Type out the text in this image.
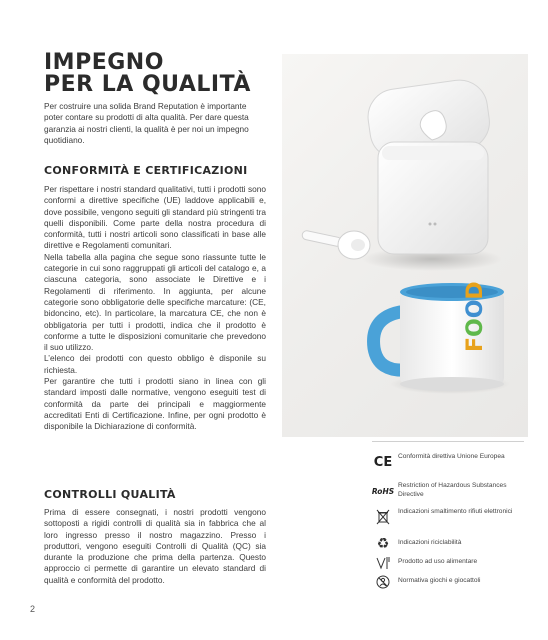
IMPEGNO
PER LA QUALITÀ

Per costruire una solida Brand Reputation è importante poter contare su prodotti di alta qualità. Per dare questa garanzia ai nostri clienti, la qualità è per noi un impegno quotidiano.

CONFORMITÀ E CERTIFICAZIONI

Per rispettare i nostri standard qualitativi, tutti i prodotti sono conformi a direttive specifiche (UE) laddove applicabili e, dove possibile, vengono seguiti gli standard più stringenti tra quelli disponibili. Come parte della nostra procedura di conformità, tutti i nostri articoli sono classificati in base alle direttive e Regolamenti comunitari.

Nella tabella alla pagina che segue sono riassunte tutte le categorie in cui sono raggruppati gli articoli del catalogo e, a ciascuna categoria, sono associate le Direttive e i Regolamenti di riferimento. In aggiunta, per alcune categorie sono obbligatorie delle specifiche marcature: (CE, bidoncino, etc). In particolare, la marcatura CE, che non è obbligatoria per tutti i prodotti, indica che il prodotto è conforme a tutte le disposizioni comunitarie che prevedono il suo utilizzo.

L’elenco dei prodotti con questo obbligo è disponile su richiesta.

Per garantire che tutti i prodotti siano in linea con gli standard imposti dalle normative, vengono eseguiti test di conformità da parte dei principali e maggiormente accreditati Enti di Certificazione. Infine, per ogni prodotto è disponibile la Dichiarazione di conformità.

CONTROLLI QUALITÀ

Prima di essere consegnati, i nostri prodotti vengono sottoposti a rigidi controlli di qualità sia in fabbrica che al loro ingresso presso il nostro magazzino. Presso i produttori, vengono eseguiti Controlli di Qualità (QC) sia durante la produzione che prima della partenza. Questo approccio ci permette di garantire un elevato standard di qualità e conformità del prodotto.

FOOD
CE Conformità direttiva Unione Europea
RoHS
Restriction of Hazardous Substances Directive
Indicazioni smaltimento rifiuti elettronici
♻ Indicazioni riciclabilità
Prodotto ad uso alimentare
Normativa giochi e giocattoli
2
